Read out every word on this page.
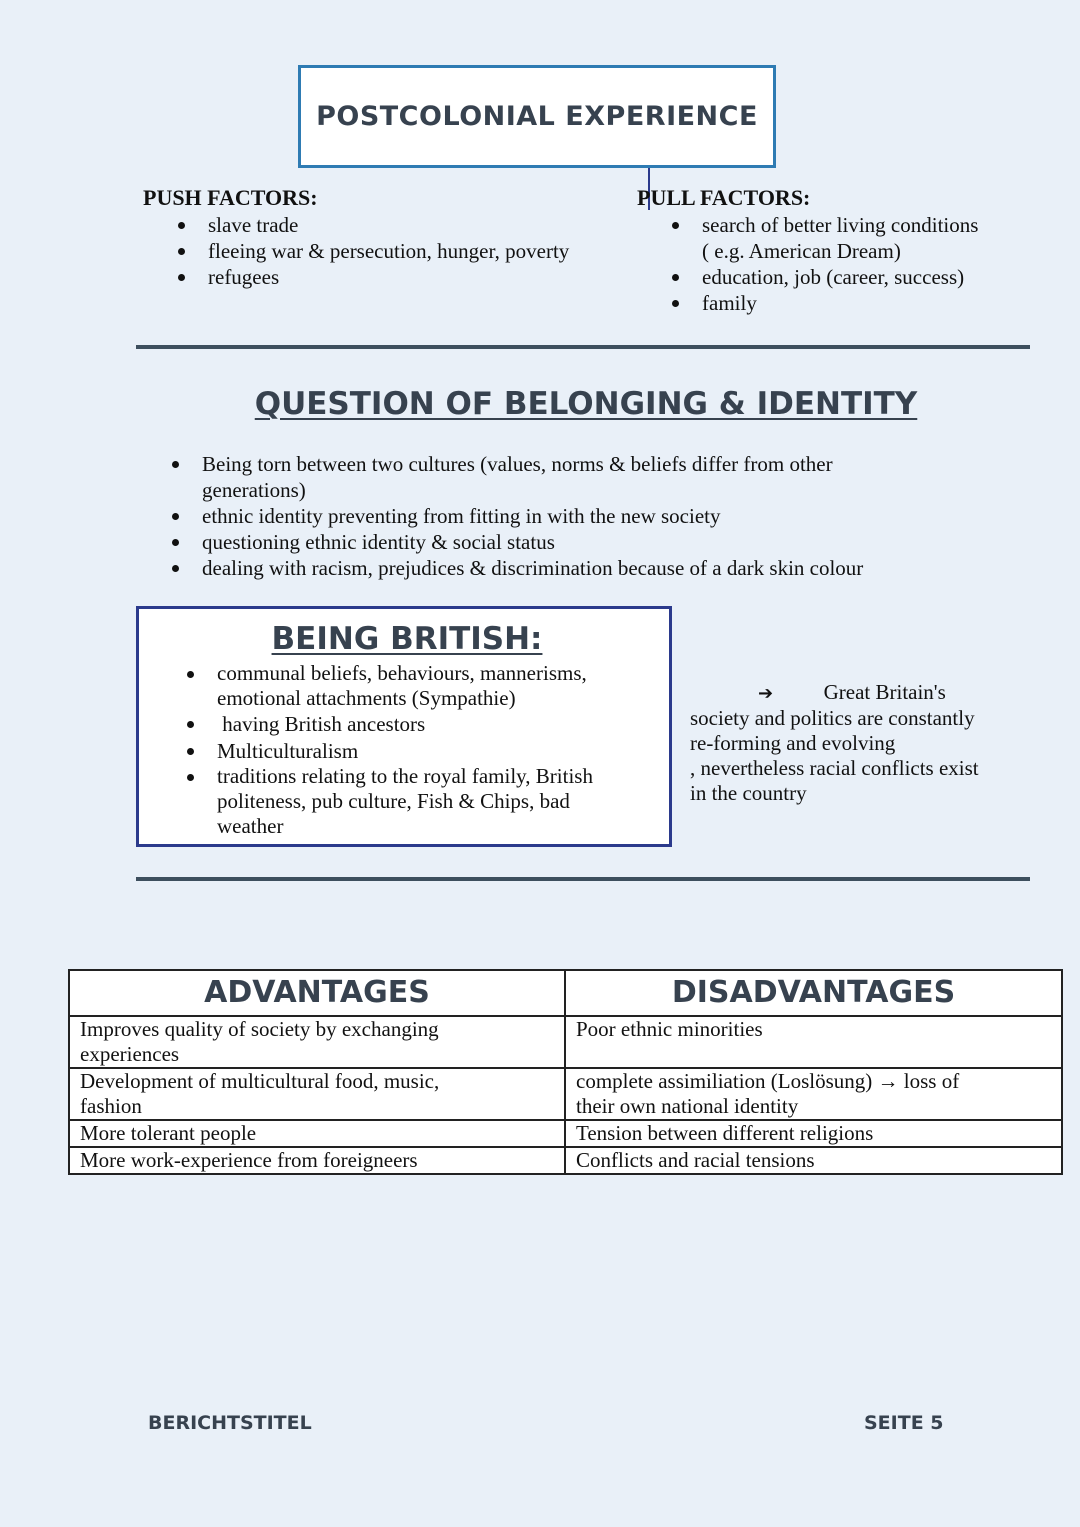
POSTCOLONIAL EXPERIENCE
PUSH FACTORS:
slave trade
fleeing war & persecution, hunger, poverty
refugees
PULL FACTORS:
search of better living conditions
( e.g. American Dream)
education, job (career, success)
family
QUESTION OF BELONGING & IDENTITY
Being torn between two cultures (values, norms & beliefs differ from other
generations)
ethnic identity preventing from fitting in with the new society
questioning ethnic identity & social status
dealing with racism, prejudices & discrimination because of a dark skin colour
BEING BRITISH:
communal beliefs, behaviours, mannerisms,
emotional attachments (Sympathie)
having British ancestors
Multiculturalism
traditions relating to the royal family, British
politeness, pub culture, Fish & Chips, bad
weather
➔ Great Britain's
society and politics are constantly
re-forming and evolving
, nevertheless racial conflicts exist
in the country
ADVANTAGES	DISADVANTAGES
Improves quality of society by exchanging
experiences	Poor ethnic minorities
Development of multicultural food, music,
fashion	complete assimiliation (Loslösung) → loss of
their own national identity
More tolerant people	Tension between different religions
More work-experience from foreigneers	Conflicts and racial tensions
BERICHTSTITEL	SEITE 5
